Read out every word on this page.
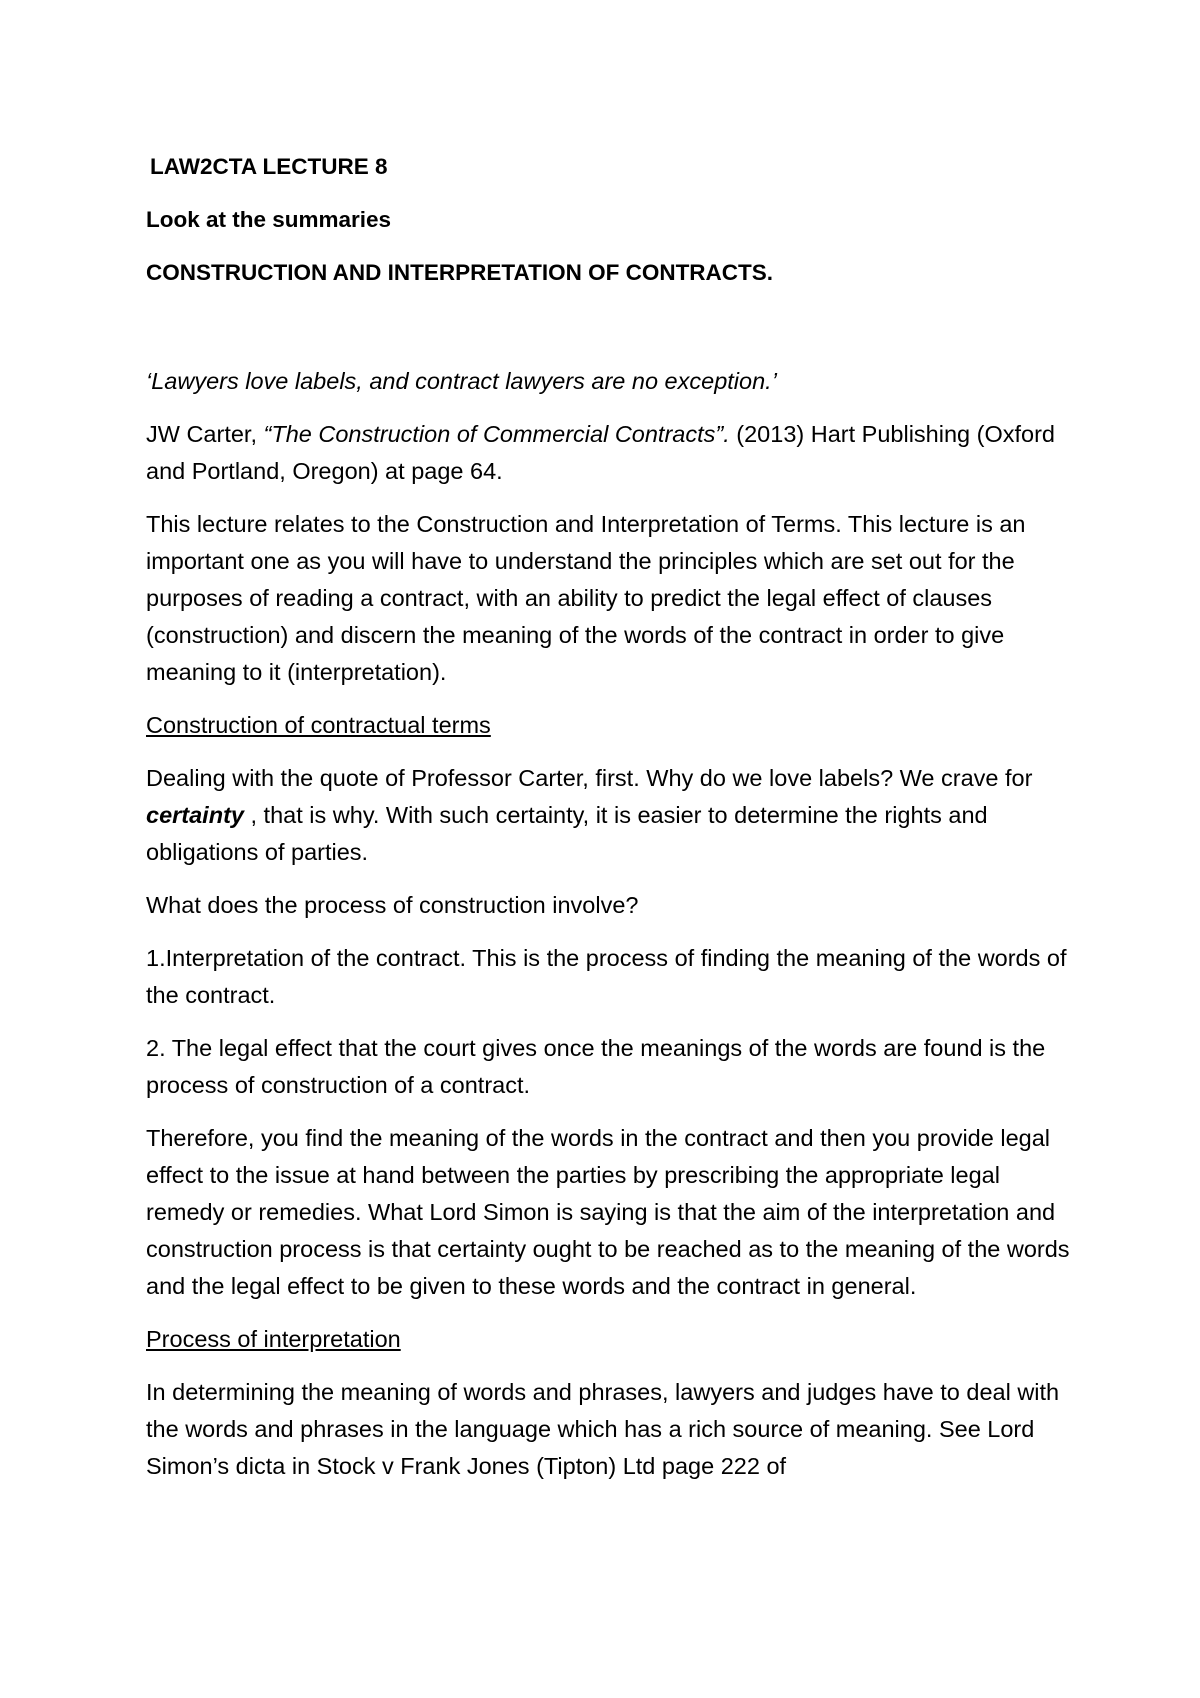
LAW2CTA LECTURE 8
Look at the summaries
CONSTRUCTION AND INTERPRETATION OF CONTRACTS.

‘Lawyers love labels, and contract lawyers are no exception.’

JW Carter, “The Construction of Commercial Contracts”. (2013) Hart Publishing (Oxford and Portland, Oregon) at page 64.

This lecture relates to the Construction and Interpretation of Terms. This lecture is an important one as you will have to understand the principles which are set out for the purposes of reading a contract, with an ability to predict the legal effect of clauses (construction) and discern the meaning of the words of the contract in order to give meaning to it (interpretation).

Construction of contractual terms

Dealing with the quote of Professor Carter, first. Why do we love labels? We crave for certainty , that is why. With such certainty, it is easier to determine the rights and obligations of parties.

What does the process of construction involve?

1.Interpretation of the contract. This is the process of finding the meaning of the words of the contract.

2. The legal effect that the court gives once the meanings of the words are found is the process of construction of a contract.

Therefore, you find the meaning of the words in the contract and then you provide legal effect to the issue at hand between the parties by prescribing the appropriate legal remedy or remedies. What Lord Simon is saying is that the aim of the interpretation and construction process is that certainty ought to be reached as to the meaning of the words and the legal effect to be given to these words and the contract in general.

Process of interpretation

In determining the meaning of words and phrases, lawyers and judges have to deal with the words and phrases in the language which has a rich source of meaning. See Lord Simon’s dicta in Stock v Frank Jones (Tipton) Ltd page 222 of
